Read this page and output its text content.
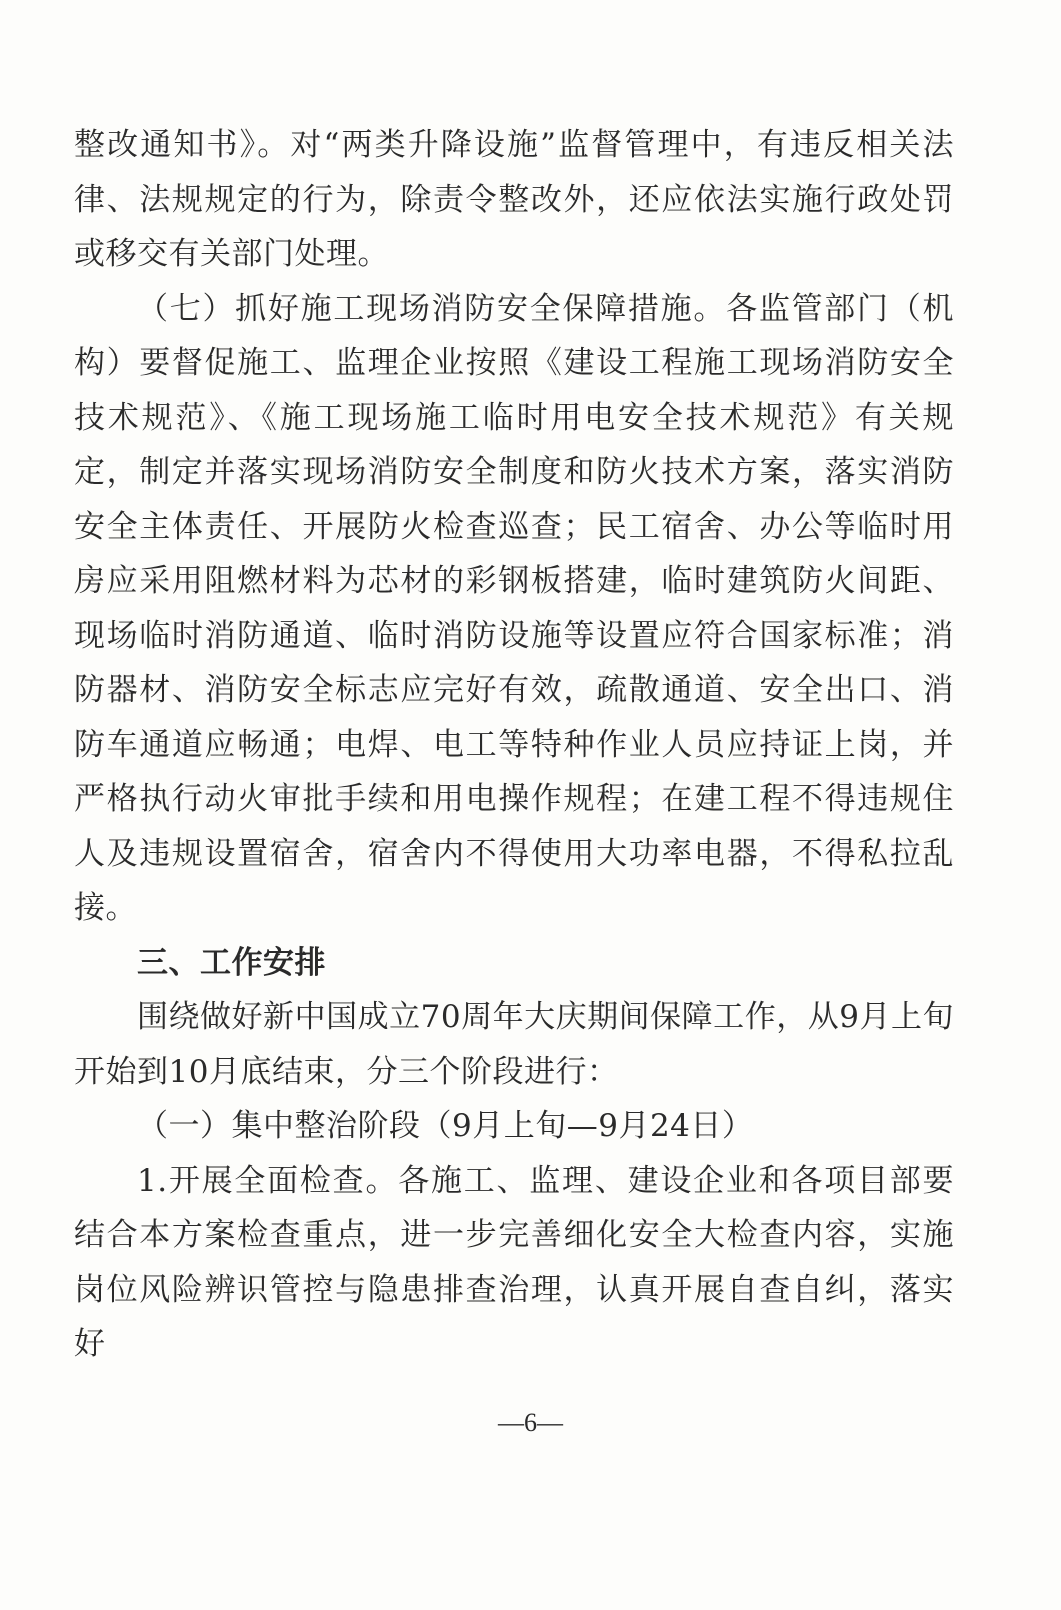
整改通知书》。对“两类升降设施”监督管理中，有违反相关法律、法规规定的行为，除责令整改外，还应依法实施行政处罚或移交有关部门处理。

（七）抓好施工现场消防安全保障措施。各监管部门（机构）要督促施工、监理企业按照《建设工程施工现场消防安全技术规范》、《施工现场施工临时用电安全技术规范》有关规定，制定并落实现场消防安全制度和防火技术方案，落实消防安全主体责任、开展防火检查巡查；民工宿舍、办公等临时用房应采用阻燃材料为芯材的彩钢板搭建，临时建筑防火间距、现场临时消防通道、临时消防设施等设置应符合国家标准；消防器材、消防安全标志应完好有效，疏散通道、安全出口、消防车通道应畅通；电焊、电工等特种作业人员应持证上岗，并严格执行动火审批手续和用电操作规程；在建工程不得违规住人及违规设置宿舍，宿舍内不得使用大功率电器，不得私拉乱接。

三、工作安排

围绕做好新中国成立70周年大庆期间保障工作，从9月上旬开始到10月底结束，分三个阶段进行：

（一）集中整治阶段（9月上旬—9月24日）

1.开展全面检查。各施工、监理、建设企业和各项目部要结合本方案检查重点，进一步完善细化安全大检查内容，实施岗位风险辨识管控与隐患排查治理，认真开展自查自纠，落实好

—6—
